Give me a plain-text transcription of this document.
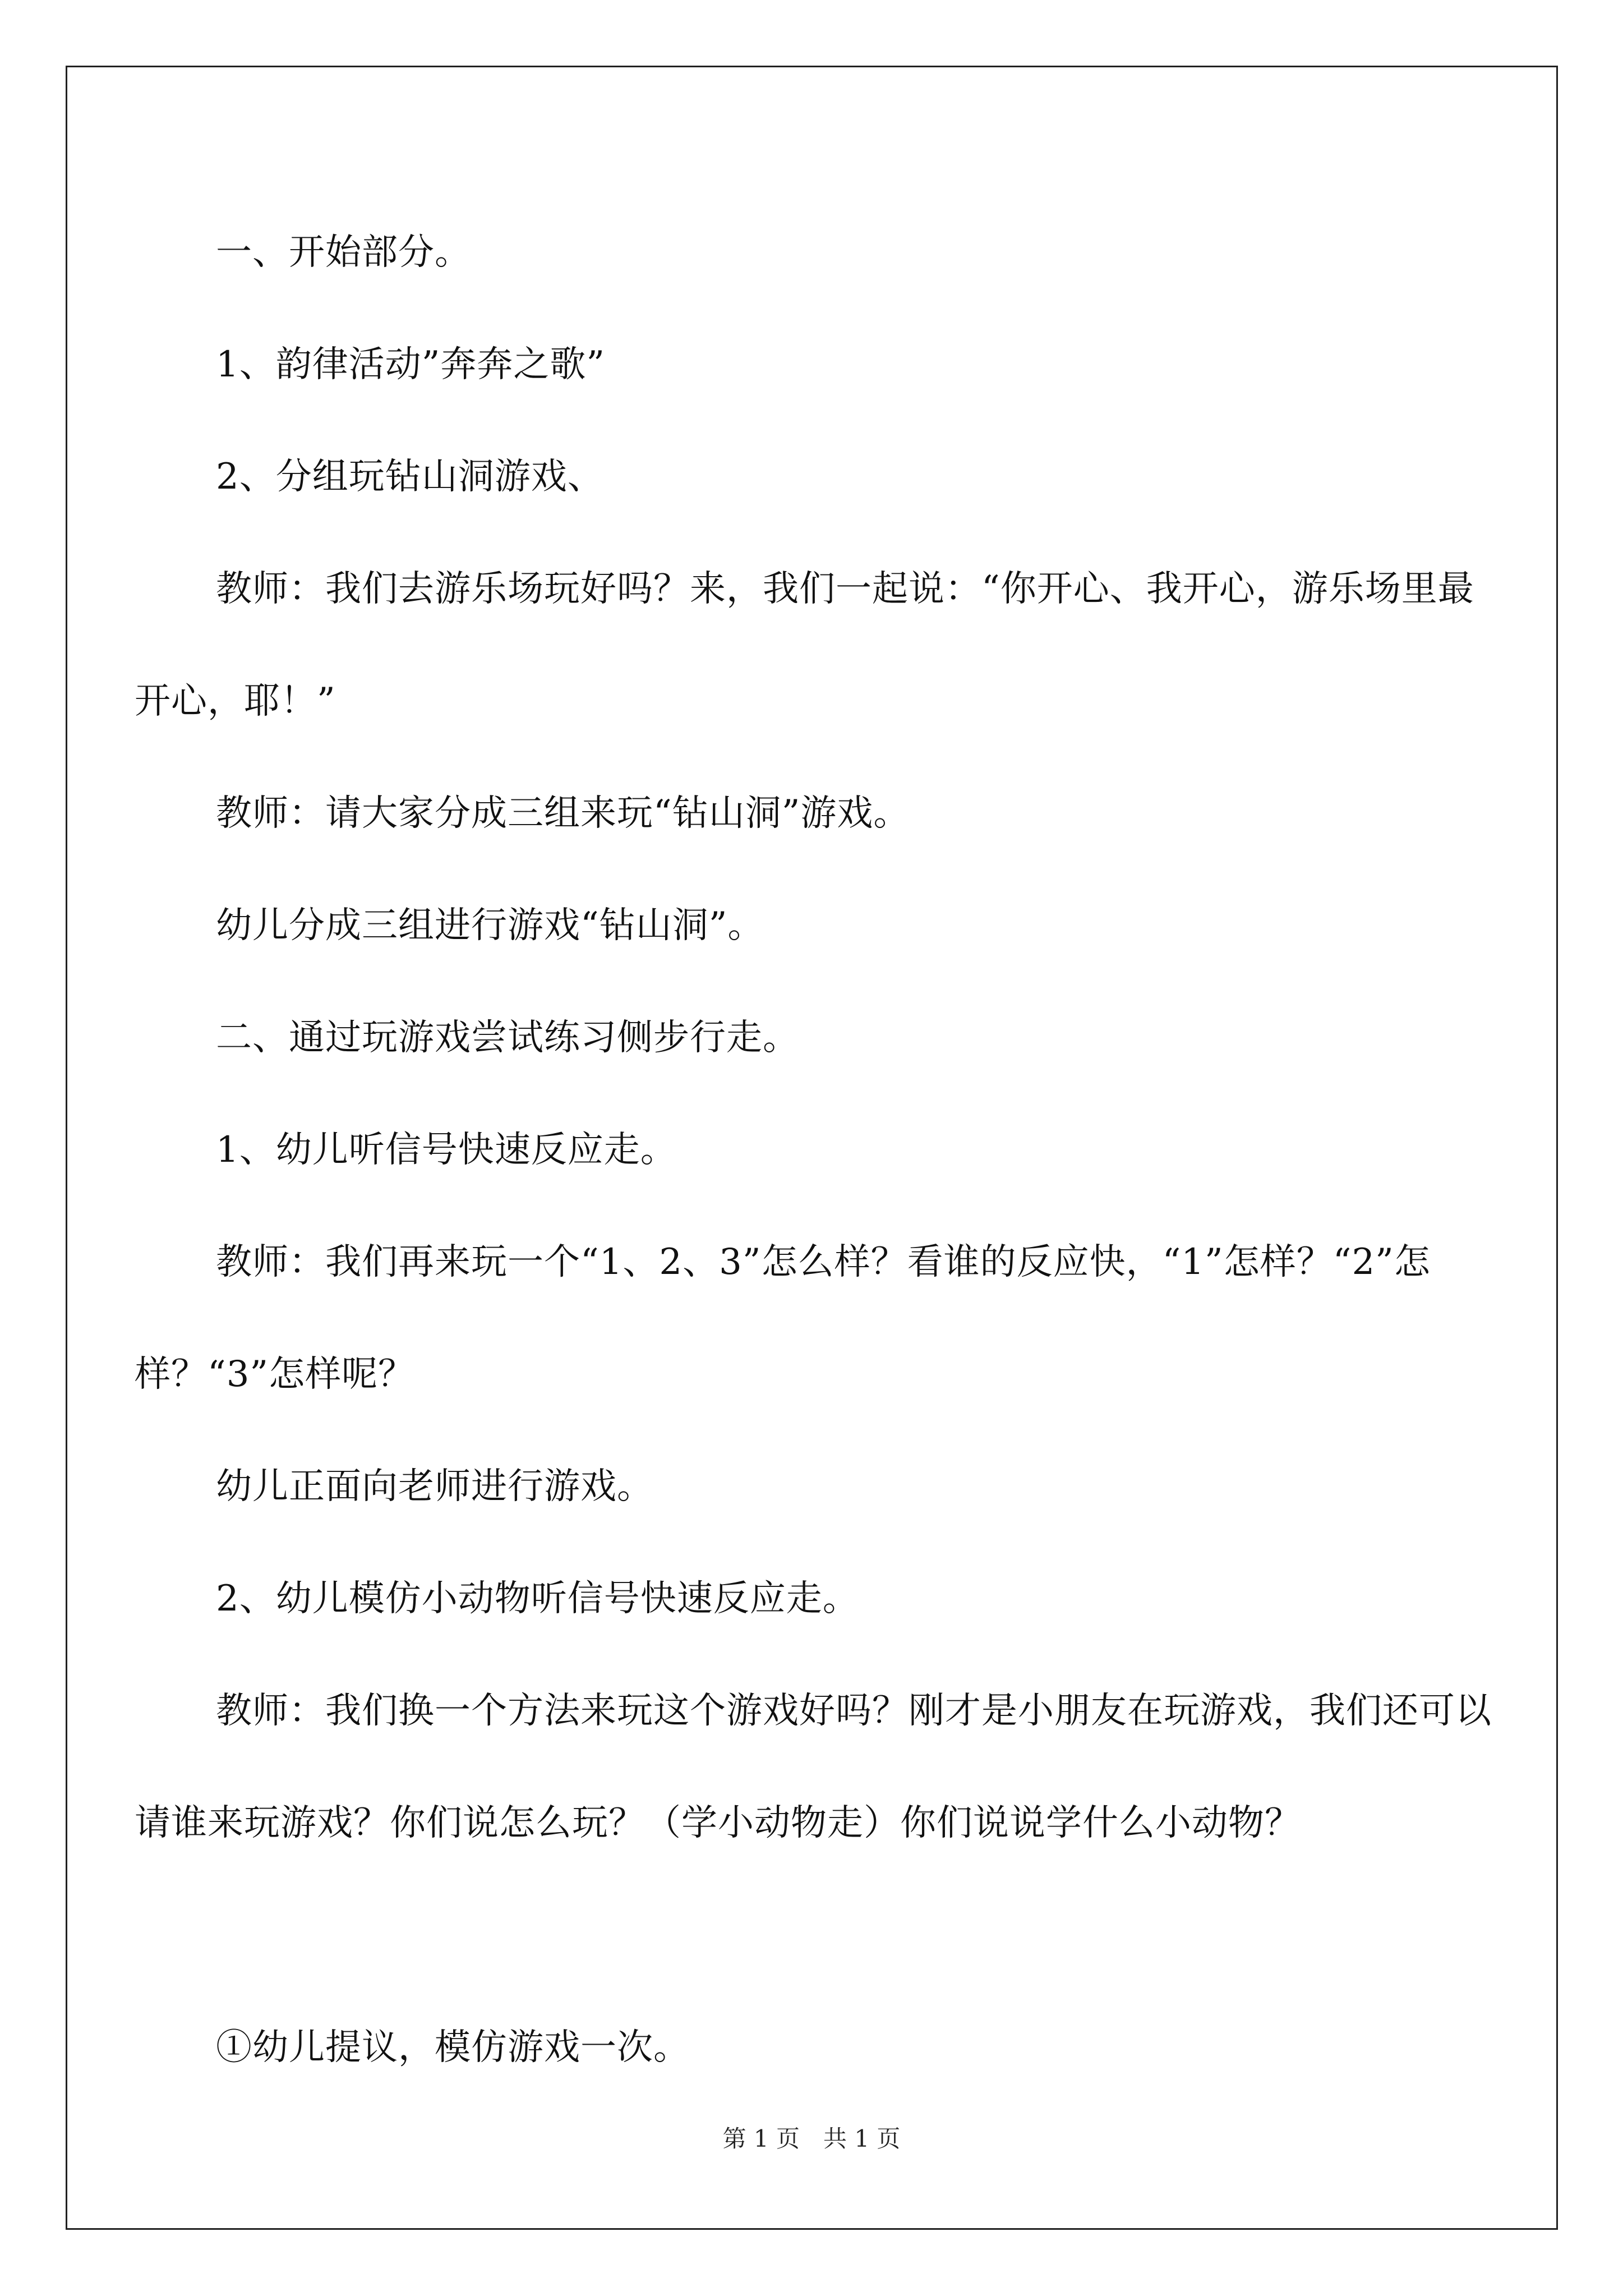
一、开始部分。
1、韵律活动”奔奔之歌”
2、分组玩钻山洞游戏、
教师：我们去游乐场玩好吗？来，我们一起说：“你开心、我开心，游乐场里最开心，耶！”
教师：请大家分成三组来玩“钻山洞”游戏。
幼儿分成三组进行游戏“钻山洞”。
二、通过玩游戏尝试练习侧步行走。
1、幼儿听信号快速反应走。
教师：我们再来玩一个“1、2、3”怎么样？看谁的反应快，“1”怎样？“2”怎样？“3”怎样呢？
幼儿正面向老师进行游戏。
2、幼儿模仿小动物听信号快速反应走。
教师：我们换一个方法来玩这个游戏好吗？刚才是小朋友在玩游戏，我们还可以请谁来玩游戏？你们说怎么玩？（学小动物走）你们说说学什么小动物？
①幼儿提议，模仿游戏一次。
第 1 页　共 1 页
